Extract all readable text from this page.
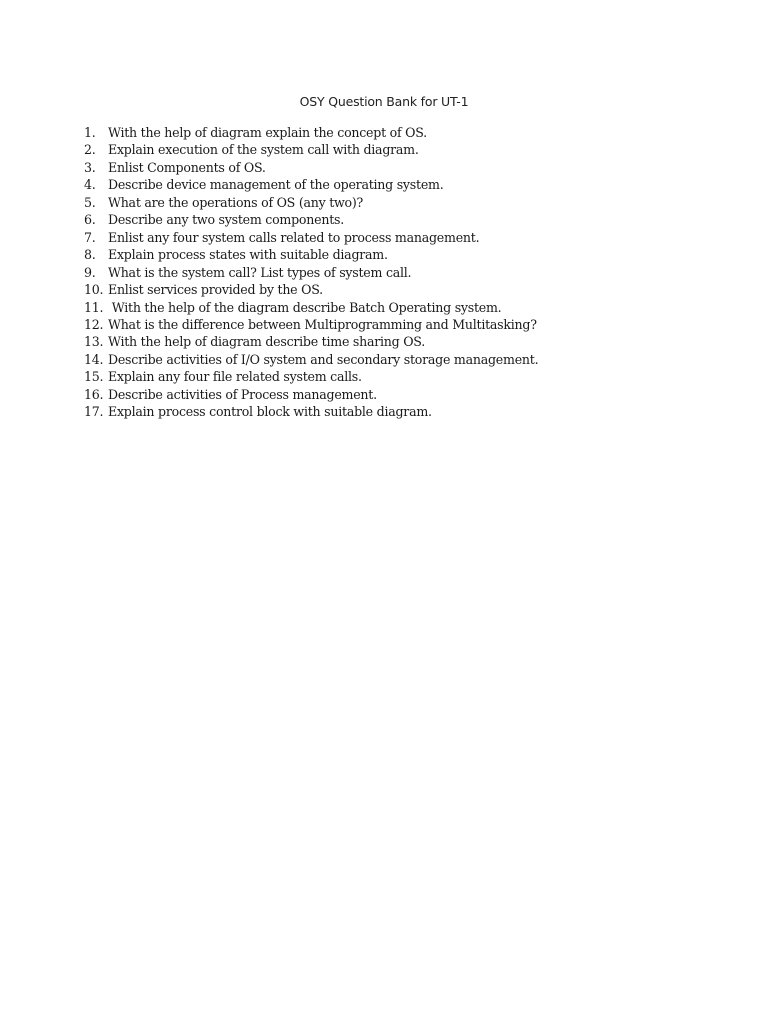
OSY Question Bank for UT-1
1. With the help of diagram explain the concept of OS.
2. Explain execution of the system call with diagram.
3. Enlist Components of OS.
4. Describe device management of the operating system.
5. What are the operations of OS (any two)?
6. Describe any two system components.
7. Enlist any four system calls related to process management.
8. Explain process states with suitable diagram.
9. What is the system call? List types of system call.
10. Enlist services provided by the OS.
11. With the help of the diagram describe Batch Operating system.
12. What is the difference between Multiprogramming and Multitasking?
13. With the help of diagram describe time sharing OS.
14. Describe activities of I/O system and secondary storage management.
15. Explain any four file related system calls.
16. Describe activities of Process management.
17. Explain process control block with suitable diagram.
